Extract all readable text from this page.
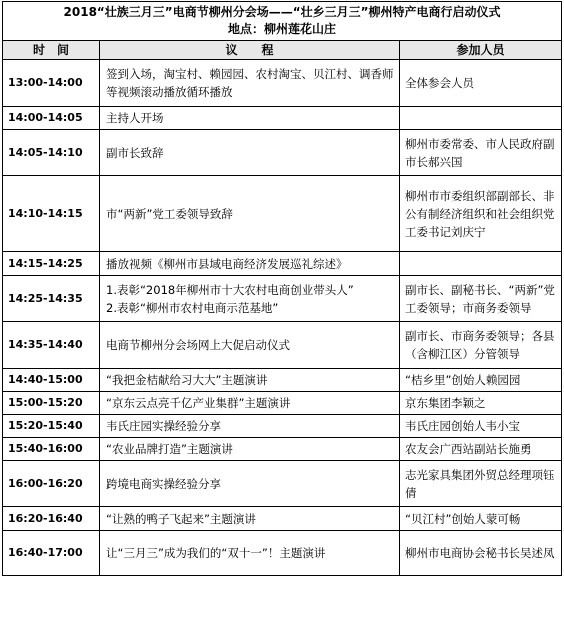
2018“壮族三月三”电商节柳州分会场——“壮乡三月三”柳州特产电商行启动仪式
地点：柳州莲花山庄		

时　间	议　　程	参加人员
13:00-14:00	签到入场，淘宝村、赖园园、农村淘宝、贝江村、调香师等视频滚动播放循环播放	全体参会人员
14:00-14:05	主持人开场	
14:05-14:10	副市长致辞	柳州市委常委、市人民政府副市长郝兴国
14:10-14:15	市“两新”党工委领导致辞	柳州市市委组织部副部长、非公有制经济组织和社会组织党工委书记刘庆宁
14:15-14:25	播放视频《柳州市县域电商经济发展巡礼综述》	
14:25-14:35	1.表彰“2018年柳州市十大农村电商创业带头人”
2.表彰“柳州市农村电商示范基地”	副市长、副秘书长、“两新”党工委领导；市商务委领导
14:35-14:40	电商节柳州分会场网上大促启动仪式	副市长、市商务委领导；各县（含柳江区）分管领导
14:40-15:00	“我把金桔献给习大大”主题演讲	“桔乡里”创始人赖园园
15:00-15:20	“京东云点亮千亿产业集群”主题演讲	京东集团李颖之
15:20-15:40	韦氏庄园实操经验分享	韦氏庄园创始人韦小宝
15:40-16:00	“农业品牌打造”主题演讲	农友会广西站副站长施勇
16:00-16:20	跨境电商实操经验分享	志光家具集团外贸总经理项钰倩
16:20-16:40	“让熟的鸭子飞起来”主题演讲	“贝江村”创始人蒙可畅
16:40-17:00	让“三月三”成为我们的“双十一”！主题演讲	柳州市电商协会秘书长吴述凤
